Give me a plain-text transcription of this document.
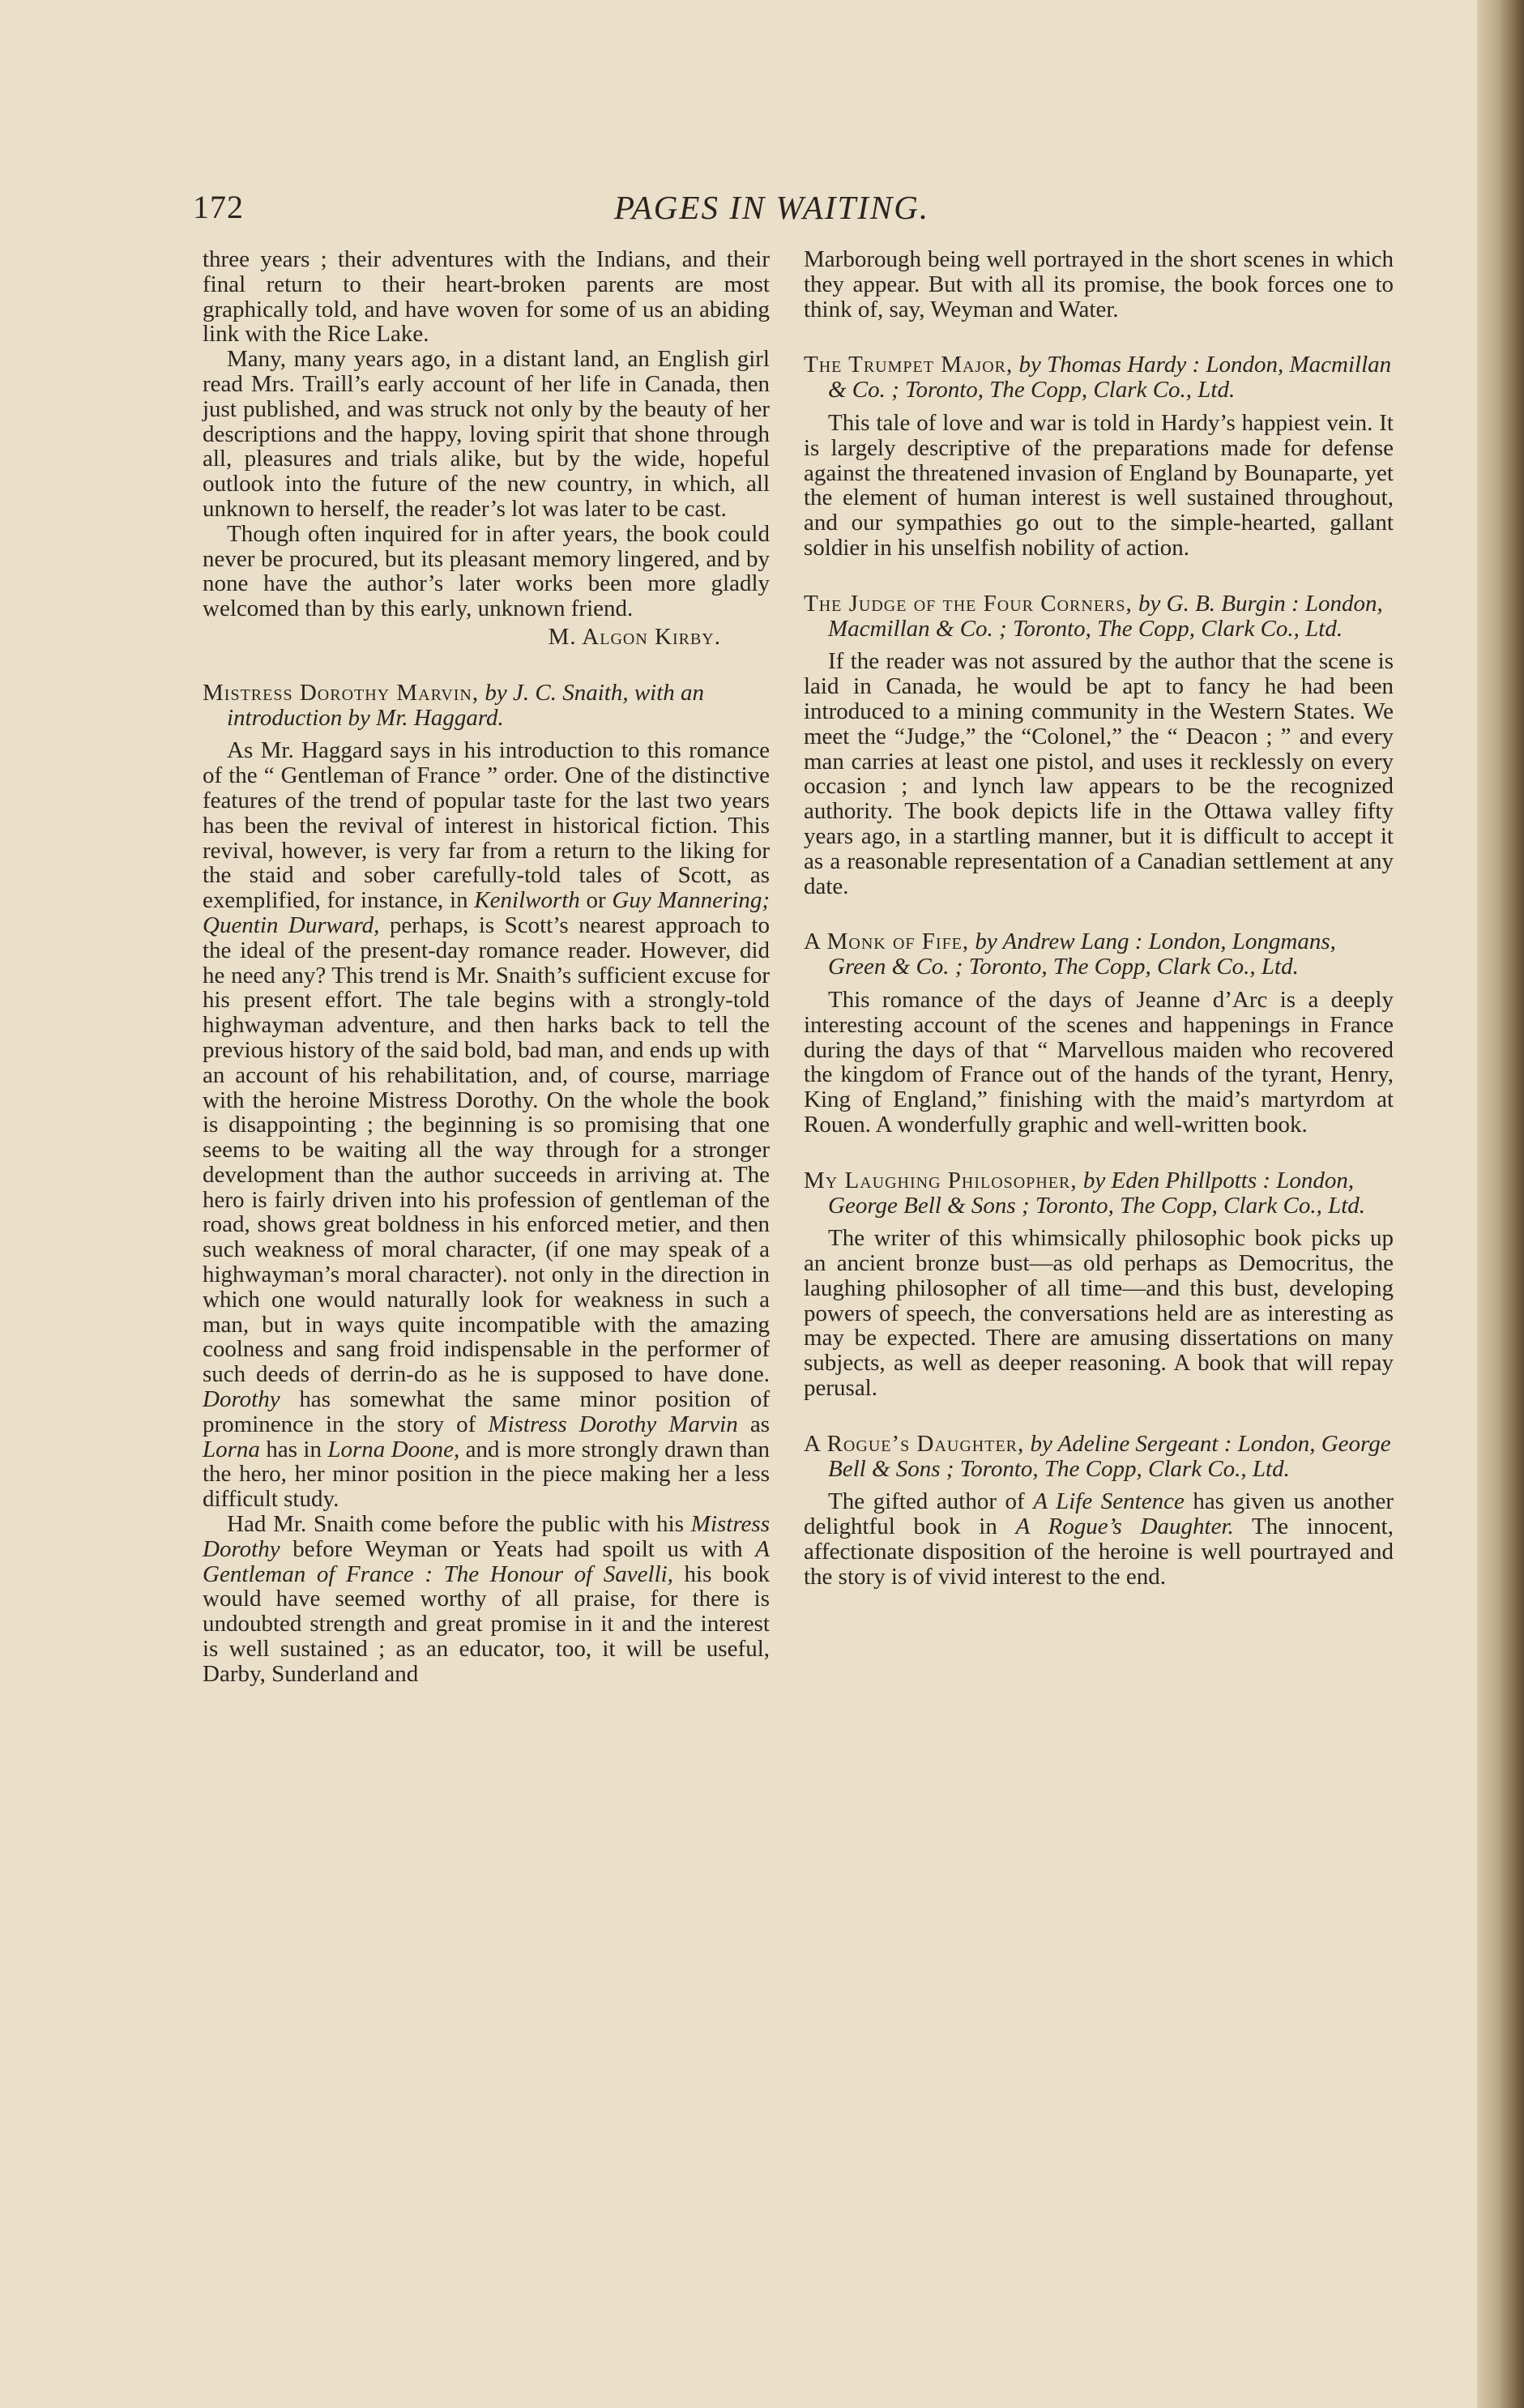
172	PAGES IN WAITING.

three years ; their adventures with the Indians, and their final return to their heart-broken parents are most graphically told, and have woven for some of us an abiding link with the Rice Lake.

Many, many years ago, in a distant land, an English girl read Mrs. Traill’s early account of her life in Canada, then just published, and was struck not only by the beauty of her descriptions and the happy, loving spirit that shone through all, pleasures and trials alike, but by the wide, hopeful outlook into the future of the new country, in which, all unknown to herself, the reader’s lot was later to be cast.

Though often inquired for in after years, the book could never be procured, but its pleasant memory lingered, and by none have the author’s later works been more gladly welcomed than by this early, unknown friend.

M. Algon Kirby.

Mistress Dorothy Marvin, by J. C. Snaith, with an introduction by Mr. Haggard.

As Mr. Haggard says in his introduction to this romance of the “ Gentleman of France ” order. One of the distinctive features of the trend of popular taste for the last two years has been the revival of interest in historical fiction. This revival, however, is very far from a return to the liking for the staid and sober carefully-told tales of Scott, as exemplified, for instance, in Kenilworth or Guy Mannering; Quentin Durward, perhaps, is Scott’s nearest approach to the ideal of the present-day romance reader. However, did he need any? This trend is Mr. Snaith’s sufficient excuse for his present effort. The tale begins with a strongly-told highwayman adventure, and then harks back to tell the previous history of the said bold, bad man, and ends up with an account of his rehabilitation, and, of course, marriage with the heroine Mistress Dorothy. On the whole the book is disappointing ; the beginning is so promising that one seems to be waiting all the way through for a stronger development than the author succeeds in arriving at. The hero is fairly driven into his profession of gentleman of the road, shows great boldness in his enforced metier, and then such weakness of moral character, (if one may speak of a highwayman’s moral character). not only in the direction in which one would naturally look for weakness in such a man, but in ways quite incompatible with the amazing coolness and sang froid indispensable in the performer of such deeds of derrin-do as he is supposed to have done. Dorothy has somewhat the same minor position of prominence in the story of Mistress Dorothy Marvin as Lorna has in Lorna Doone, and is more strongly drawn than the hero, her minor position in the piece making her a less difficult study.

Had Mr. Snaith come before the public with his Mistress Dorothy before Weyman or Yeats had spoilt us with A Gentleman of France : The Honour of Savelli, his book would have seemed worthy of all praise, for there is undoubted strength and great promise in it and the interest is well sustained ; as an educator, too, it will be useful, Darby, Sunderland and

Marborough being well portrayed in the short scenes in which they appear. But with all its promise, the book forces one to think of, say, Weyman and Water.

The Trumpet Major, by Thomas Hardy : London, Macmillan & Co. ; Toronto, The Copp, Clark Co., Ltd.

This tale of love and war is told in Hardy’s happiest vein. It is largely descriptive of the preparations made for defense against the threatened invasion of England by Bounaparte, yet the element of human interest is well sustained throughout, and our sympathies go out to the simple-hearted, gallant soldier in his unselfish nobility of action.

The Judge of the Four Corners, by G. B. Burgin : London, Macmillan & Co. ; Toronto, The Copp, Clark Co., Ltd.

If the reader was not assured by the author that the scene is laid in Canada, he would be apt to fancy he had been introduced to a mining community in the Western States. We meet the “Judge,” the “Colonel,” the “ Deacon ; ” and every man carries at least one pistol, and uses it recklessly on every occasion ; and lynch law appears to be the recognized authority. The book depicts life in the Ottawa valley fifty years ago, in a startling manner, but it is difficult to accept it as a reasonable representation of a Canadian settlement at any date.

A Monk of Fife, by Andrew Lang : London, Longmans, Green & Co. ; Toronto, The Copp, Clark Co., Ltd.

This romance of the days of Jeanne d’Arc is a deeply interesting account of the scenes and happenings in France during the days of that “ Marvellous maiden who recovered the kingdom of France out of the hands of the tyrant, Henry, King of England,” finishing with the maid’s martyrdom at Rouen. A wonderfully graphic and well-written book.

My Laughing Philosopher, by Eden Phillpotts : London, George Bell & Sons ; Toronto, The Copp, Clark Co., Ltd.

The writer of this whimsically philosophic book picks up an ancient bronze bust—as old perhaps as Democritus, the laughing philosopher of all time—and this bust, developing powers of speech, the conversations held are as interesting as may be expected. There are amusing dissertations on many subjects, as well as deeper reasoning. A book that will repay perusal.

A Rogue’s Daughter, by Adeline Sergeant : London, George Bell & Sons ; Toronto, The Copp, Clark Co., Ltd.

The gifted author of A Life Sentence has given us another delightful book in A Rogue’s Daughter. The innocent, affectionate disposition of the heroine is well pourtrayed and the story is of vivid interest to the end.
